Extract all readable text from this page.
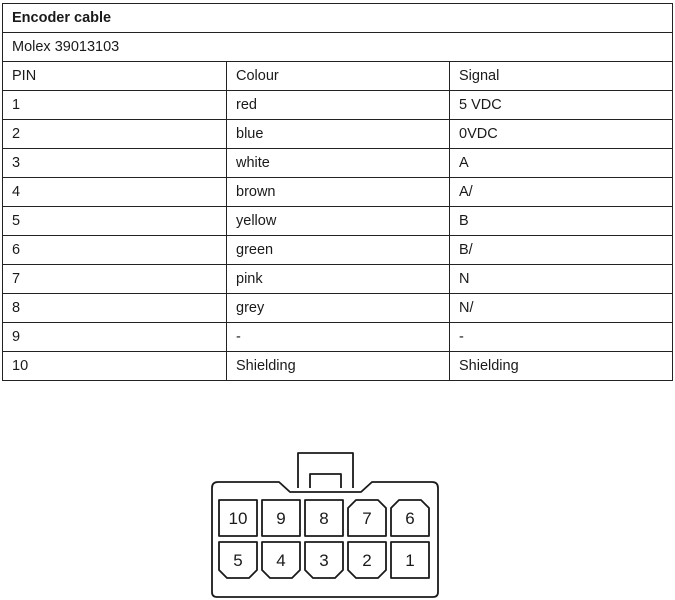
Encoder cable		
Molex 39013103		
PIN	Colour	Signal
1	red	5 VDC
2	blue	0VDC
3	white	A
4	brown	A/
5	yellow	B
6	green	B/
7	pink	N
8	grey	N/
9	-	-
10	Shielding	Shielding
10 9 8 7 6
5 4 3 2 1
